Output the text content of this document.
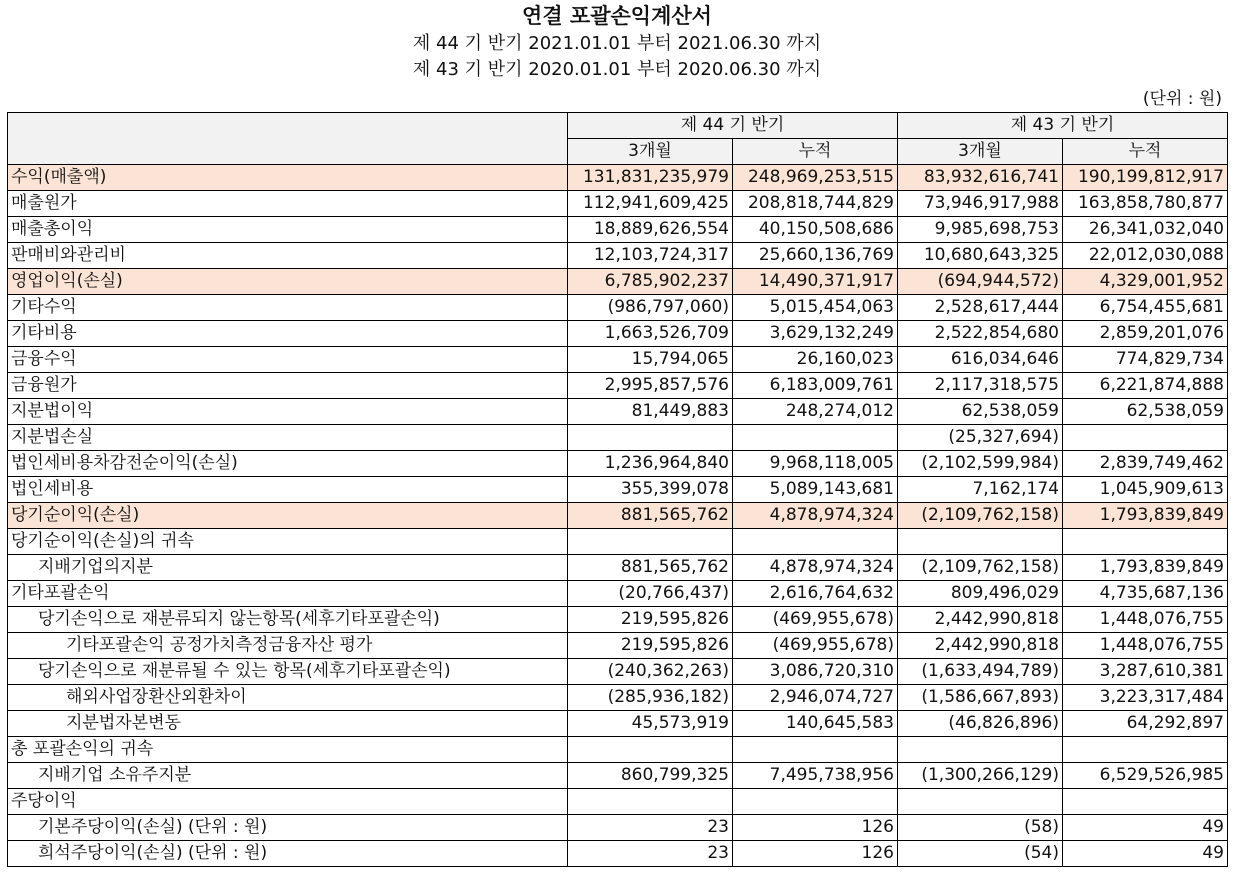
연결 포괄손익계산서
제 44 기 반기 2021.01.01 부터 2021.06.30 까지
제 43 기 반기 2020.01.01 부터 2020.06.30 까지
(단위 : 원)
	제 44 기 반기		제 43 기 반기	
	3개월	누적	3개월	누적
수익(매출액)	131,831,235,979	248,969,253,515	83,932,616,741	190,199,812,917
매출원가	112,941,609,425	208,818,744,829	73,946,917,988	163,858,780,877
매출총이익	18,889,626,554	40,150,508,686	9,985,698,753	26,341,032,040
판매비와관리비	12,103,724,317	25,660,136,769	10,680,643,325	22,012,030,088
영업이익(손실)	6,785,902,237	14,490,371,917	(694,944,572)	4,329,001,952
기타수익	(986,797,060)	5,015,454,063	2,528,617,444	6,754,455,681
기타비용	1,663,526,709	3,629,132,249	2,522,854,680	2,859,201,076
금융수익	15,794,065	26,160,023	616,034,646	774,829,734
금융원가	2,995,857,576	6,183,009,761	2,117,318,575	6,221,874,888
지분법이익	81,449,883	248,274,012	62,538,059	62,538,059
지분법손실			(25,327,694)	
법인세비용차감전순이익(손실)	1,236,964,840	9,968,118,005	(2,102,599,984)	2,839,749,462
법인세비용	355,399,078	5,089,143,681	7,162,174	1,045,909,613
당기순이익(손실)	881,565,762	4,878,974,324	(2,109,762,158)	1,793,839,849
당기순이익(손실)의 귀속				
지배기업의지분	881,565,762	4,878,974,324	(2,109,762,158)	1,793,839,849
기타포괄손익	(20,766,437)	2,616,764,632	809,496,029	4,735,687,136
당기손익으로 재분류되지 않는항목(세후기타포괄손익)	219,595,826	(469,955,678)	2,442,990,818	1,448,076,755
기타포괄손익 공정가치측정금융자산 평가	219,595,826	(469,955,678)	2,442,990,818	1,448,076,755
당기손익으로 재분류될 수 있는 항목(세후기타포괄손익)	(240,362,263)	3,086,720,310	(1,633,494,789)	3,287,610,381
해외사업장환산외환차이	(285,936,182)	2,946,074,727	(1,586,667,893)	3,223,317,484
지분법자본변동	45,573,919	140,645,583	(46,826,896)	64,292,897
총 포괄손익의 귀속				
지배기업 소유주지분	860,799,325	7,495,738,956	(1,300,266,129)	6,529,526,985
주당이익				
기본주당이익(손실) (단위 : 원)	23	126	(58)	49
희석주당이익(손실) (단위 : 원)	23	126	(54)	49
